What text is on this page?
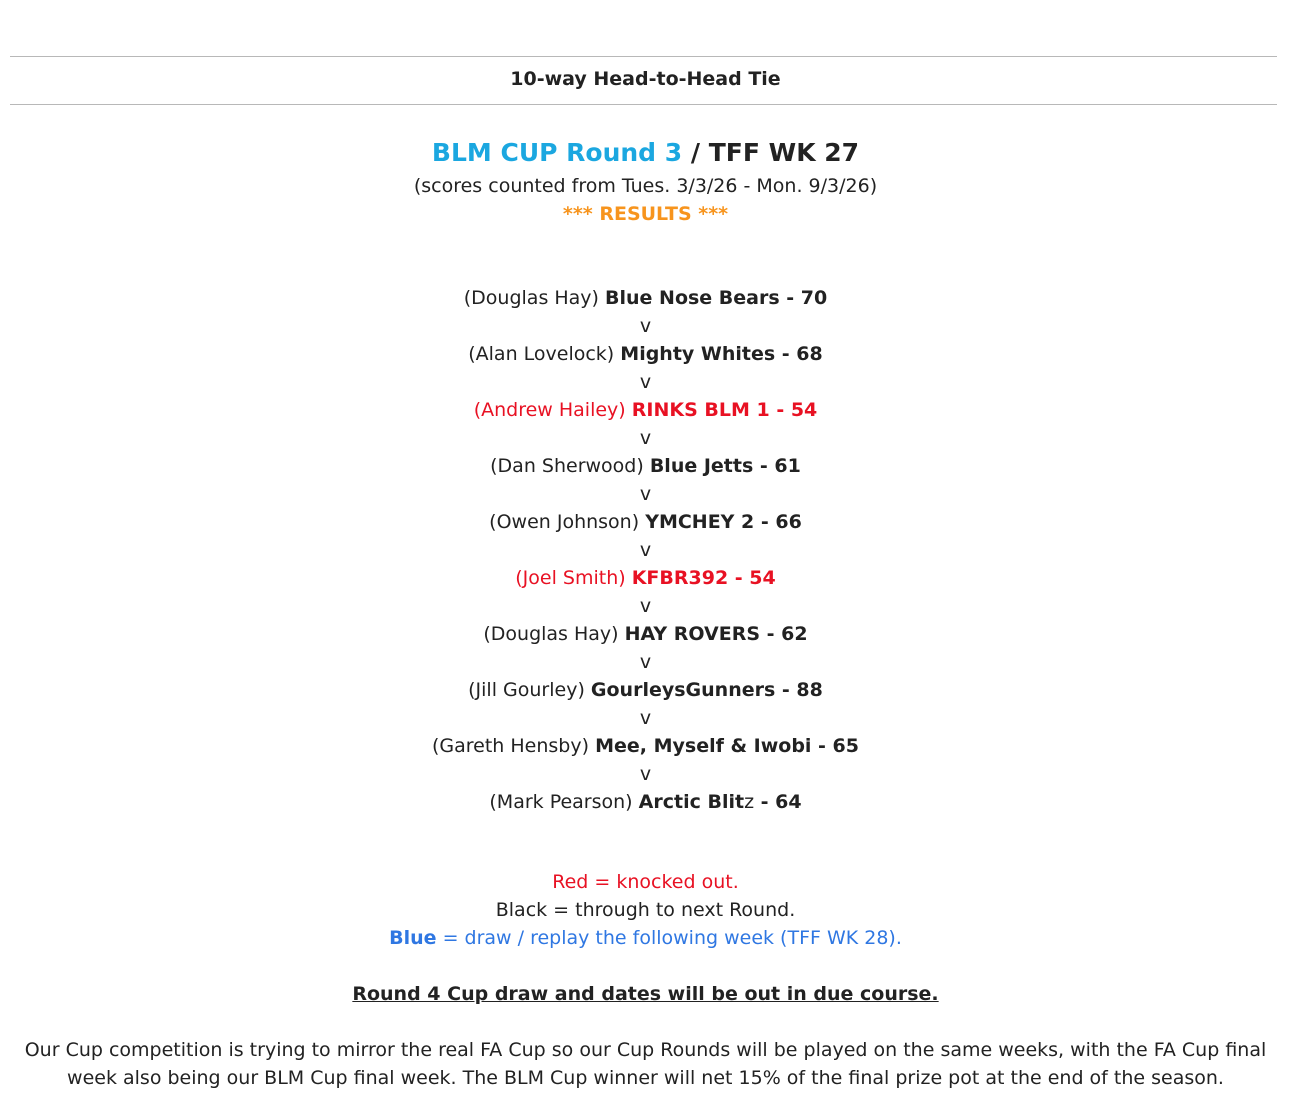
10-way Head-to-Head Tie
BLM CUP Round 3 / TFF WK 27
(scores counted from Tues. 3/3/26 - Mon. 9/3/26)
*** RESULTS ***
(Douglas Hay) Blue Nose Bears - 70
v
(Alan Lovelock) Mighty Whites - 68
v
(Andrew Hailey) RINKS BLM 1 - 54
v
(Dan Sherwood) Blue Jetts - 61
v
(Owen Johnson) YMCHEY 2 - 66
v
(Joel Smith) KFBR392 - 54
v
(Douglas Hay) HAY ROVERS - 62
v
(Jill Gourley) GourleysGunners - 88
v
(Gareth Hensby) Mee, Myself & Iwobi - 65
v
(Mark Pearson) Arctic Blitz - 64
Red = knocked out.
Black = through to next Round.
Blue = draw / replay the following week (TFF WK 28).
Round 4 Cup draw and dates will be out in due course.
Our Cup competition is trying to mirror the real FA Cup so our Cup Rounds will be played on the same weeks, with the FA Cup final
week also being our BLM Cup final week. The BLM Cup winner will net 15% of the final prize pot at the end of the season.
